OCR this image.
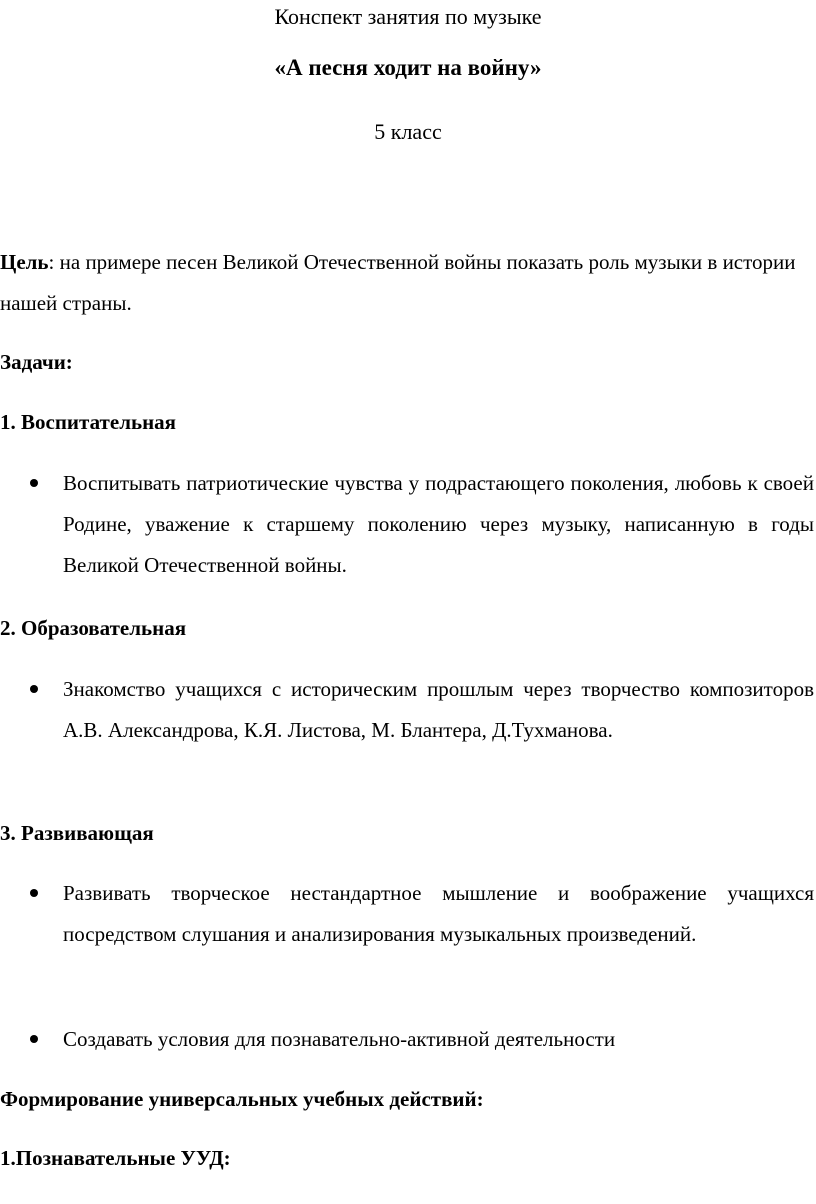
Конспект занятия по музыке
«А песня ходит на войну»
5 класс
Цель: на примере песен Великой Отечественной войны показать роль музыки в истории нашей страны.
Задачи:
1. Воспитательная
Воспитывать патриотические чувства у подрастающего поколения, любовь к своей Родине, уважение к старшему поколению через музыку, написанную в годы Великой Отечественной войны.
2. Образовательная
Знакомство учащихся с историческим прошлым через творчество композиторов А.В. Александрова, К.Я. Листова, М. Блантера, Д.Тухманова.
3. Развивающая
Развивать творческое нестандартное мышление и воображение учащихся посредством слушания и анализирования музыкальных произведений.
Создавать условия для познавательно-активной деятельности
Формирование универсальных учебных действий:
1.Познавательные УУД:
